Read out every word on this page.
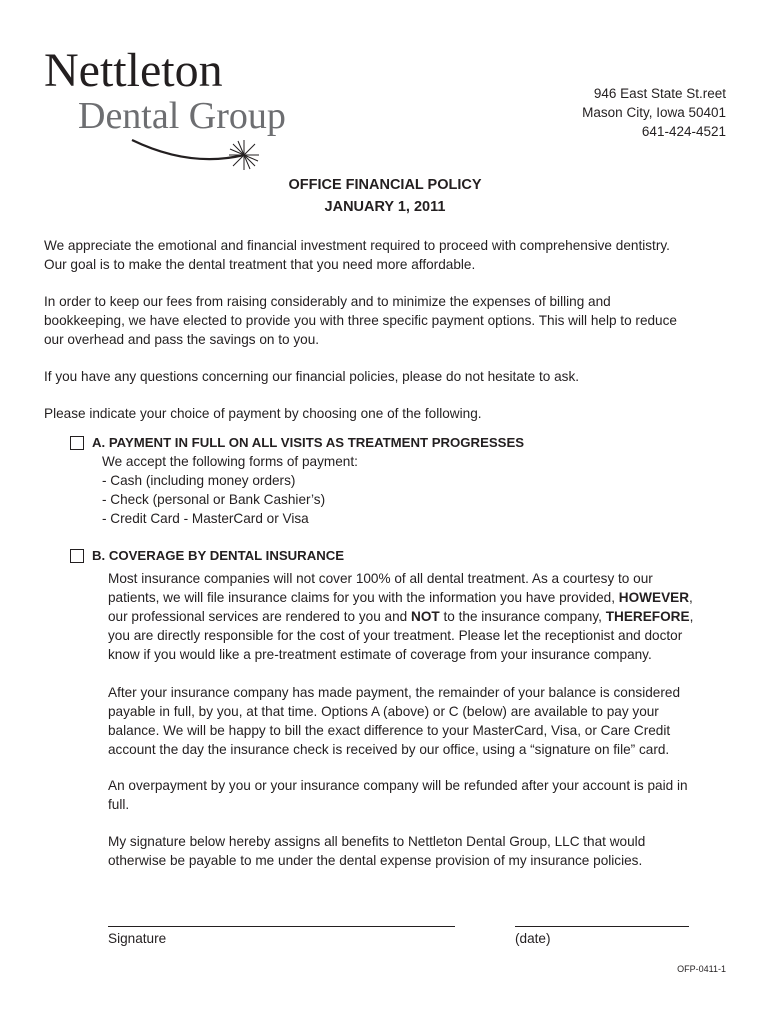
Nettleton
Dental Group
946 East State St.reet
Mason City, Iowa 50401
641-424-4521
OFFICE FINANCIAL POLICY
JANUARY 1, 2011
We appreciate the emotional and financial investment required to proceed with comprehensive dentistry.
Our goal is to make the dental treatment that you need more affordable.
In order to keep our fees from raising considerably and to minimize the expenses of billing and
bookkeeping, we have elected to provide you with three specific payment options. This will help to reduce
our overhead and pass the savings on to you.
If you have any questions concerning our financial policies, please do not hesitate to ask.
Please indicate your choice of payment by choosing one of the following.
A. PAYMENT IN FULL ON ALL VISITS AS TREATMENT PROGRESSES
We accept the following forms of payment:
- Cash (including money orders)
- Check (personal or Bank Cashier’s)
- Credit Card - MasterCard or Visa
B. COVERAGE BY DENTAL INSURANCE
Most insurance companies will not cover 100% of all dental treatment. As a courtesy to our
patients, we will file insurance claims for you with the information you have provided, HOWEVER,
our professional services are rendered to you and NOT to the insurance company, THEREFORE,
you are directly responsible for the cost of your treatment. Please let the receptionist and doctor
know if you would like a pre-treatment estimate of coverage from your insurance company.
After your insurance company has made payment, the remainder of your balance is considered
payable in full, by you, at that time. Options A (above) or C (below) are available to pay your
balance. We will be happy to bill the exact difference to your MasterCard, Visa, or Care Credit
account the day the insurance check is received by our office, using a “signature on file” card.
An overpayment by you or your insurance company will be refunded after your account is paid in
full.
My signature below hereby assigns all benefits to Nettleton Dental Group, LLC that would
otherwise be payable to me under the dental expense provision of my insurance policies.
Signature	(date)
OFP-0411-1
